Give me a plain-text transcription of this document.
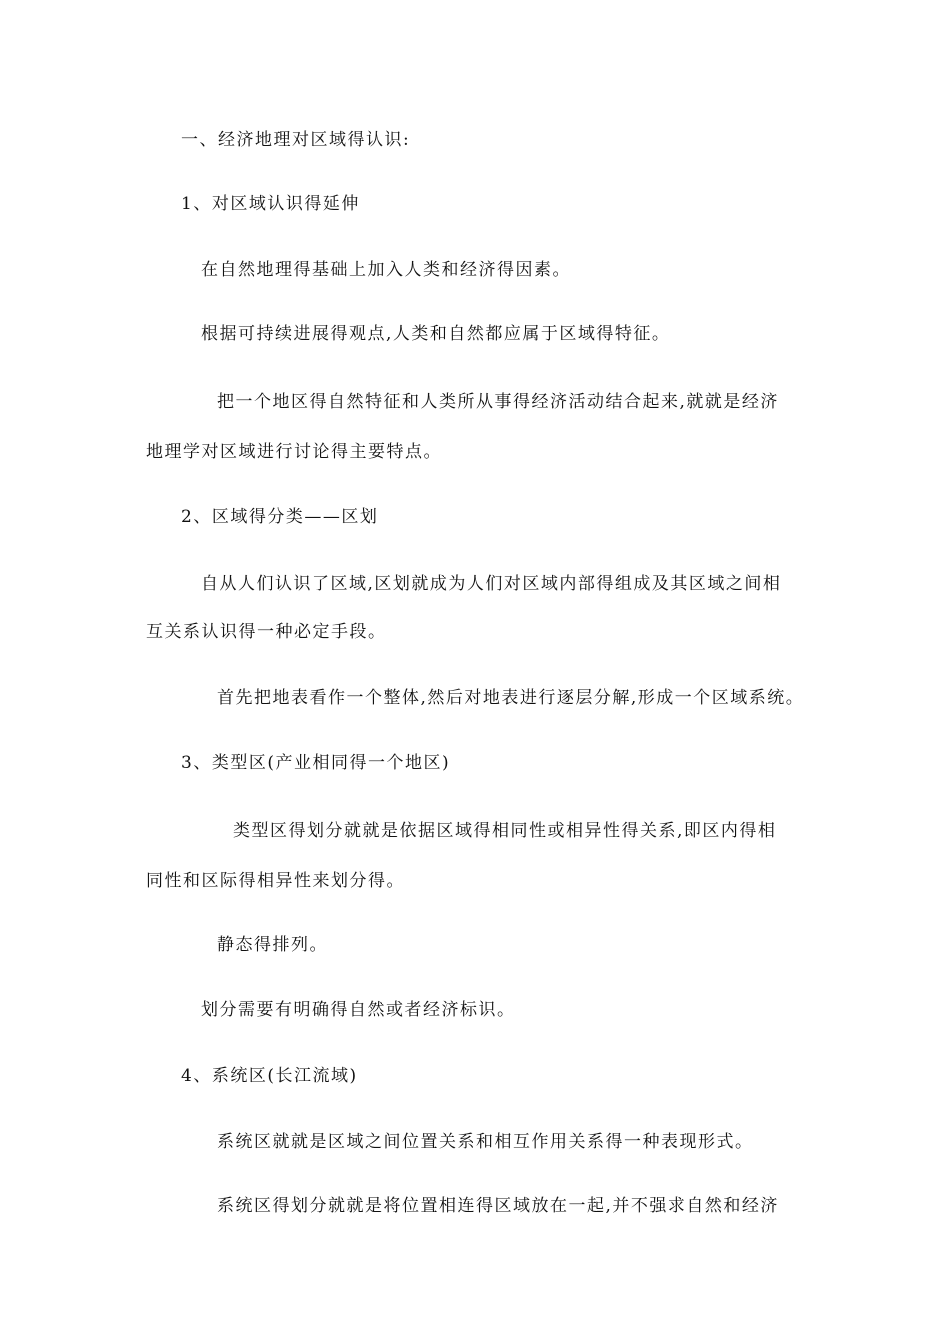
一、经济地理对区域得认识:
1、对区域认识得延伸
在自然地理得基础上加入人类和经济得因素。
根据可持续进展得观点,人类和自然都应属于区域得特征。
把一个地区得自然特征和人类所从事得经济活动结合起来,就就是经济
地理学对区域进行讨论得主要特点。
2、区域得分类——区划
自从人们认识了区域,区划就成为人们对区域内部得组成及其区域之间相
互关系认识得一种必定手段。
首先把地表看作一个整体,然后对地表进行逐层分解,形成一个区域系统。
3、类型区(产业相同得一个地区)
类型区得划分就就是依据区域得相同性或相异性得关系,即区内得相
同性和区际得相异性来划分得。
静态得排列。
划分需要有明确得自然或者经济标识。
4、系统区(长江流域)
系统区就就是区域之间位置关系和相互作用关系得一种表现形式。
系统区得划分就就是将位置相连得区域放在一起,并不强求自然和经济
